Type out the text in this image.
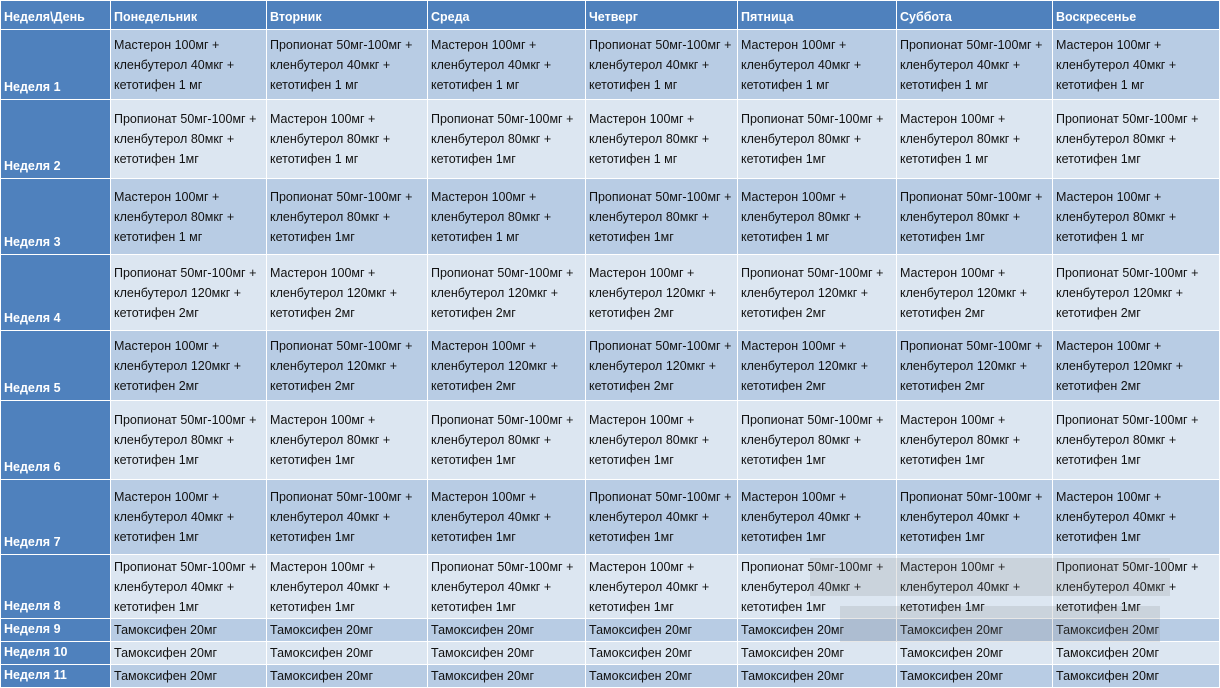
Неделя\День	Понедельник	Вторник	Среда	Четверг	Пятница	Суббота	Воскресенье
Неделя 1	Мастерон 100мг + кленбутерол 40мкг + кетотифен 1 мг	Пропионат 50мг-100мг + кленбутерол 40мкг + кетотифен 1 мг	Мастерон 100мг + кленбутерол 40мкг + кетотифен 1 мг	Пропионат 50мг-100мг + кленбутерол 40мкг + кетотифен 1 мг	Мастерон 100мг + кленбутерол 40мкг + кетотифен 1 мг	Пропионат 50мг-100мг + кленбутерол 40мкг + кетотифен 1 мг	Мастерон 100мг + кленбутерол 40мкг + кетотифен 1 мг
Неделя 2	Пропионат 50мг-100мг + кленбутерол 80мкг + кетотифен 1мг	Мастерон 100мг + кленбутерол 80мкг + кетотифен 1 мг	Пропионат 50мг-100мг + кленбутерол 80мкг + кетотифен 1мг	Мастерон 100мг + кленбутерол 80мкг + кетотифен 1 мг	Пропионат 50мг-100мг + кленбутерол 80мкг + кетотифен 1мг	Мастерон 100мг + кленбутерол 80мкг + кетотифен 1 мг	Пропионат 50мг-100мг + кленбутерол 80мкг + кетотифен 1мг
Неделя 3	Мастерон 100мг + кленбутерол 80мкг + кетотифен 1 мг	Пропионат 50мг-100мг + кленбутерол 80мкг + кетотифен 1мг	Мастерон 100мг + кленбутерол 80мкг + кетотифен 1 мг	Пропионат 50мг-100мг + кленбутерол 80мкг + кетотифен 1мг	Мастерон 100мг + кленбутерол 80мкг + кетотифен 1 мг	Пропионат 50мг-100мг + кленбутерол 80мкг + кетотифен 1мг	Мастерон 100мг + кленбутерол 80мкг + кетотифен 1 мг
Неделя 4	Пропионат 50мг-100мг + кленбутерол 120мкг + кетотифен 2мг	Мастерон 100мг + кленбутерол 120мкг + кетотифен 2мг	Пропионат 50мг-100мг + кленбутерол 120мкг + кетотифен 2мг	Мастерон 100мг + кленбутерол 120мкг + кетотифен 2мг	Пропионат 50мг-100мг + кленбутерол 120мкг + кетотифен 2мг	Мастерон 100мг + кленбутерол 120мкг + кетотифен 2мг	Пропионат 50мг-100мг + кленбутерол 120мкг + кетотифен 2мг
Неделя 5	Мастерон 100мг + кленбутерол 120мкг + кетотифен 2мг	Пропионат 50мг-100мг + кленбутерол 120мкг + кетотифен 2мг	Мастерон 100мг + кленбутерол 120мкг + кетотифен 2мг	Пропионат 50мг-100мг + кленбутерол 120мкг + кетотифен 2мг	Мастерон 100мг + кленбутерол 120мкг + кетотифен 2мг	Пропионат 50мг-100мг + кленбутерол 120мкг + кетотифен 2мг	Мастерон 100мг + кленбутерол 120мкг + кетотифен 2мг
Неделя 6	Пропионат 50мг-100мг + кленбутерол 80мкг + кетотифен 1мг	Мастерон 100мг + кленбутерол 80мкг + кетотифен 1мг	Пропионат 50мг-100мг + кленбутерол 80мкг + кетотифен 1мг	Мастерон 100мг + кленбутерол 80мкг + кетотифен 1мг	Пропионат 50мг-100мг + кленбутерол 80мкг + кетотифен 1мг	Мастерон 100мг + кленбутерол 80мкг + кетотифен 1мг	Пропионат 50мг-100мг + кленбутерол 80мкг + кетотифен 1мг
Неделя 7	Мастерон 100мг + кленбутерол 40мкг + кетотифен 1мг	Пропионат 50мг-100мг + кленбутерол 40мкг + кетотифен 1мг	Мастерон 100мг + кленбутерол 40мкг + кетотифен 1мг	Пропионат 50мг-100мг + кленбутерол 40мкг + кетотифен 1мг	Мастерон 100мг + кленбутерол 40мкг + кетотифен 1мг	Пропионат 50мг-100мг + кленбутерол 40мкг + кетотифен 1мг	Мастерон 100мг + кленбутерол 40мкг + кетотифен 1мг
Неделя 8	Пропионат 50мг-100мг + кленбутерол 40мкг + кетотифен 1мг	Мастерон 100мг + кленбутерол 40мкг + кетотифен 1мг	Пропионат 50мг-100мг + кленбутерол 40мкг + кетотифен 1мг	Мастерон 100мг + кленбутерол 40мкг + кетотифен 1мг	Пропионат 50мг-100мг + кленбутерол 40мкг + кетотифен 1мг	Мастерон 100мг + кленбутерол 40мкг + кетотифен 1мг	Пропионат 50мг-100мг + кленбутерол 40мкг + кетотифен 1мг
Неделя 9	Тамоксифен 20мг	Тамоксифен 20мг	Тамоксифен 20мг	Тамоксифен 20мг	Тамоксифен 20мг	Тамоксифен 20мг	Тамоксифен 20мг
Неделя 10	Тамоксифен 20мг	Тамоксифен 20мг	Тамоксифен 20мг	Тамоксифен 20мг	Тамоксифен 20мг	Тамоксифен 20мг	Тамоксифен 20мг
Неделя 11	Тамоксифен 20мг	Тамоксифен 20мг	Тамоксифен 20мг	Тамоксифен 20мг	Тамоксифен 20мг	Тамоксифен 20мг	Тамоксифен 20мг
